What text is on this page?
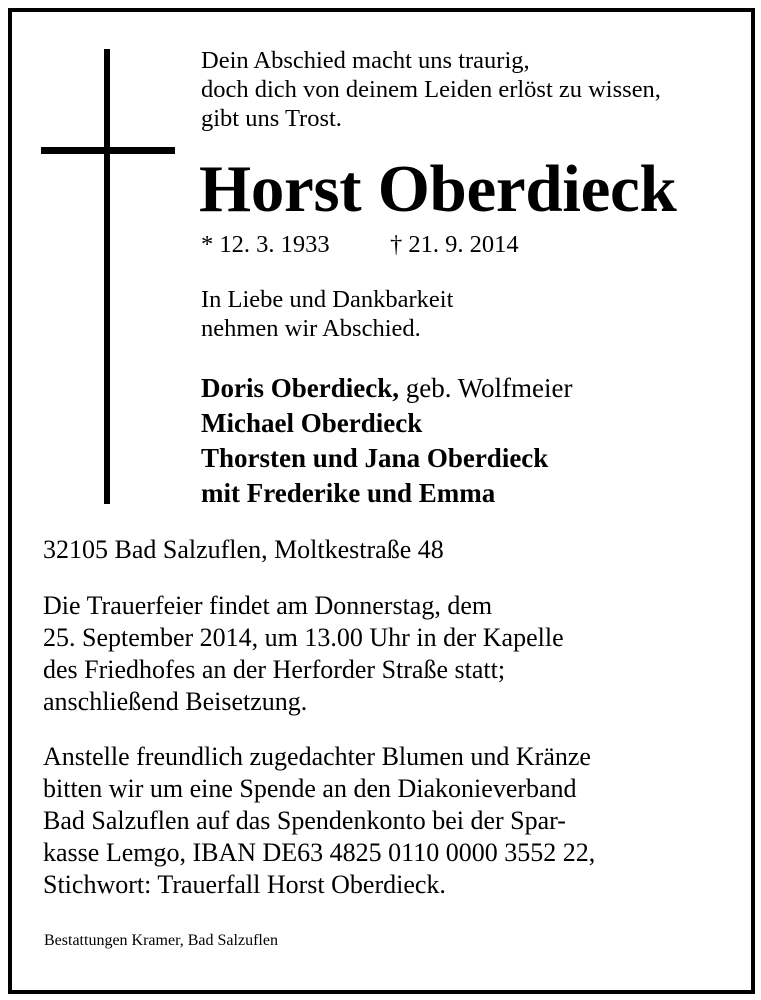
Dein Abschied macht uns traurig,
doch dich von deinem Leiden erlöst zu wissen,
gibt uns Trost.
Horst Oberdieck
* 12. 3. 1933 † 21. 9. 2014
In Liebe und Dankbarkeit
nehmen wir Abschied.
Doris Oberdieck, geb. Wolfmeier
Michael Oberdieck
Thorsten und Jana Oberdieck
mit Frederike und Emma
32105 Bad Salzuflen, Moltkestraße 48
Die Trauerfeier findet am Donnerstag, dem
25. September 2014, um 13.00 Uhr in der Kapelle
des Friedhofes an der Herforder Straße statt;
anschließend Beisetzung.
Anstelle freundlich zugedachter Blumen und Kränze
bitten wir um eine Spende an den Diakonieverband
Bad Salzuflen auf das Spendenkonto bei der Spar-
kasse Lemgo, IBAN DE63 4825 0110 0000 3552 22,
Stichwort: Trauerfall Horst Oberdieck.
Bestattungen Kramer, Bad Salzuflen
